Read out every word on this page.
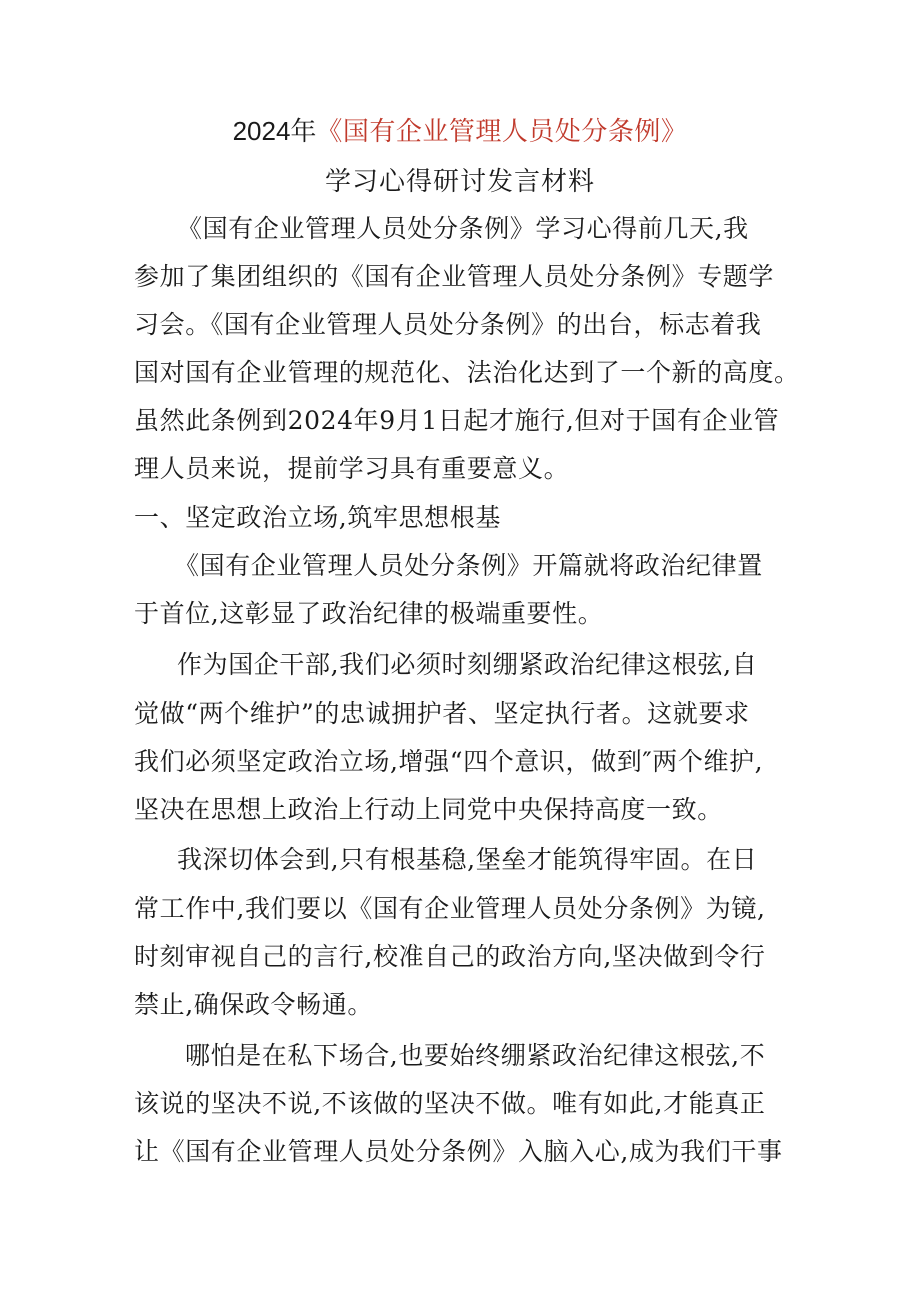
2024年《国有企业管理人员处分条例》
学习心得研讨发言材料
《国有企业管理人员处分条例》学习心得前几天,我
参加了集团组织的《国有企业管理人员处分条例》专题学
习会。《国有企业管理人员处分条例》的出台，标志着我
国对国有企业管理的规范化、法治化达到了一个新的高度。
虽然此条例到2024年9月1日起才施行,但对于国有企业管
理人员来说，提前学习具有重要意义。
一、坚定政治立场,筑牢思想根基
《国有企业管理人员处分条例》开篇就将政治纪律置
于首位,这彰显了政治纪律的极端重要性。
作为国企干部,我们必须时刻绷紧政治纪律这根弦,自
觉做“两个维护”的忠诚拥护者、坚定执行者。这就要求
我们必须坚定政治立场,增强“四个意识，做到″两个维护,
坚决在思想上政治上行动上同党中央保持高度一致。
我深切体会到,只有根基稳,堡垒才能筑得牢固。在日
常工作中,我们要以《国有企业管理人员处分条例》为镜,
时刻审视自己的言行,校准自己的政治方向,坚决做到令行
禁止,确保政令畅通。
哪怕是在私下场合,也要始终绷紧政治纪律这根弦,不
该说的坚决不说,不该做的坚决不做。唯有如此,才能真正
让《国有企业管理人员处分条例》入脑入心,成为我们干事
